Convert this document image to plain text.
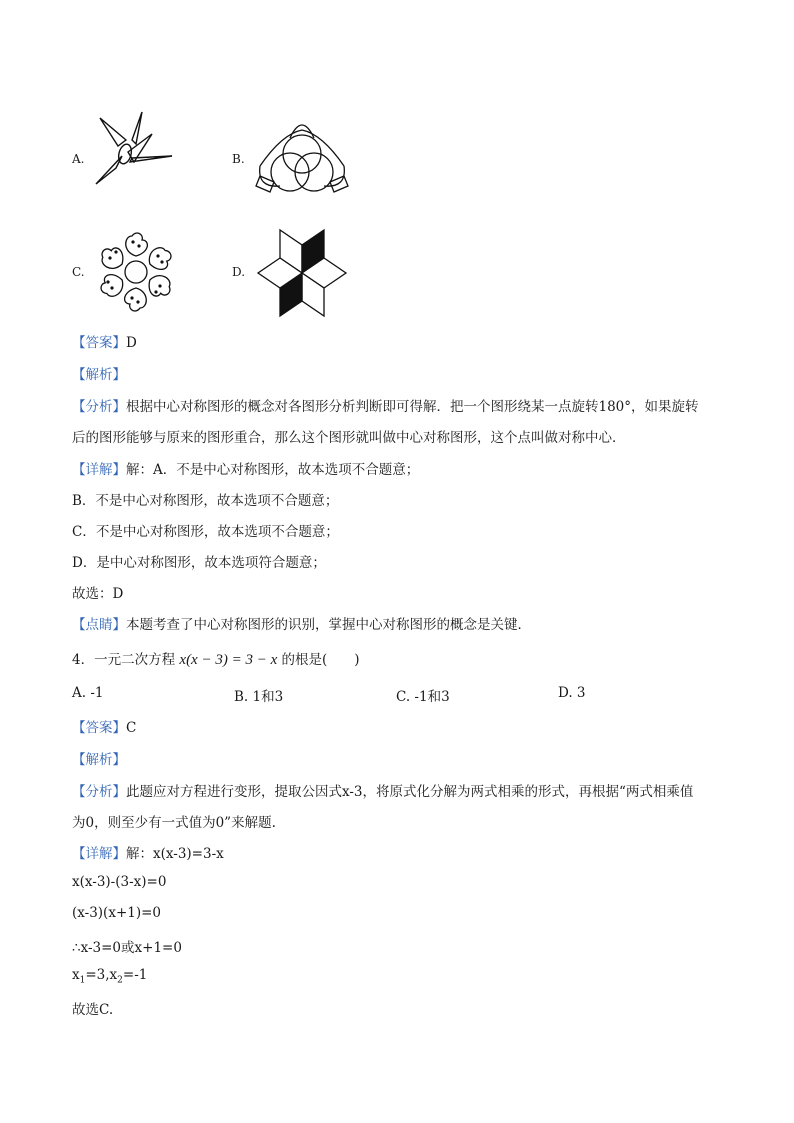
A.	B.
C.	D.
【答案】D
【解析】
【分析】根据中心对称图形的概念对各图形分析判断即可得解．把一个图形绕某一点旋转180°，如果旋转
后的图形能够与原来的图形重合，那么这个图形就叫做中心对称图形，这个点叫做对称中心．
【详解】解：A．不是中心对称图形，故本选项不合题意；
B．不是中心对称图形，故本选项不合题意；
C．不是中心对称图形，故本选项不合题意；
D．是中心对称图形，故本选项符合题意；
故选：D
【点睛】本题考查了中心对称图形的识别，掌握中心对称图形的概念是关键．
4．一元二次方程 x(x − 3) = 3 − x 的根是(　　)
A. -1	B. 1和3	C. -1和3	D. 3
【答案】C
【解析】
【分析】此题应对方程进行变形，提取公因式x-3，将原式化分解为两式相乘的形式，再根据“两式相乘值
为0，则至少有一式值为0”来解题.
【详解】解：x(x-3)=3-x
x(x-3)-(3-x)=0
(x-3)(x+1)=0
∴x-3=0或x+1=0
$x_1=3,x_2=-1$
故选C.
